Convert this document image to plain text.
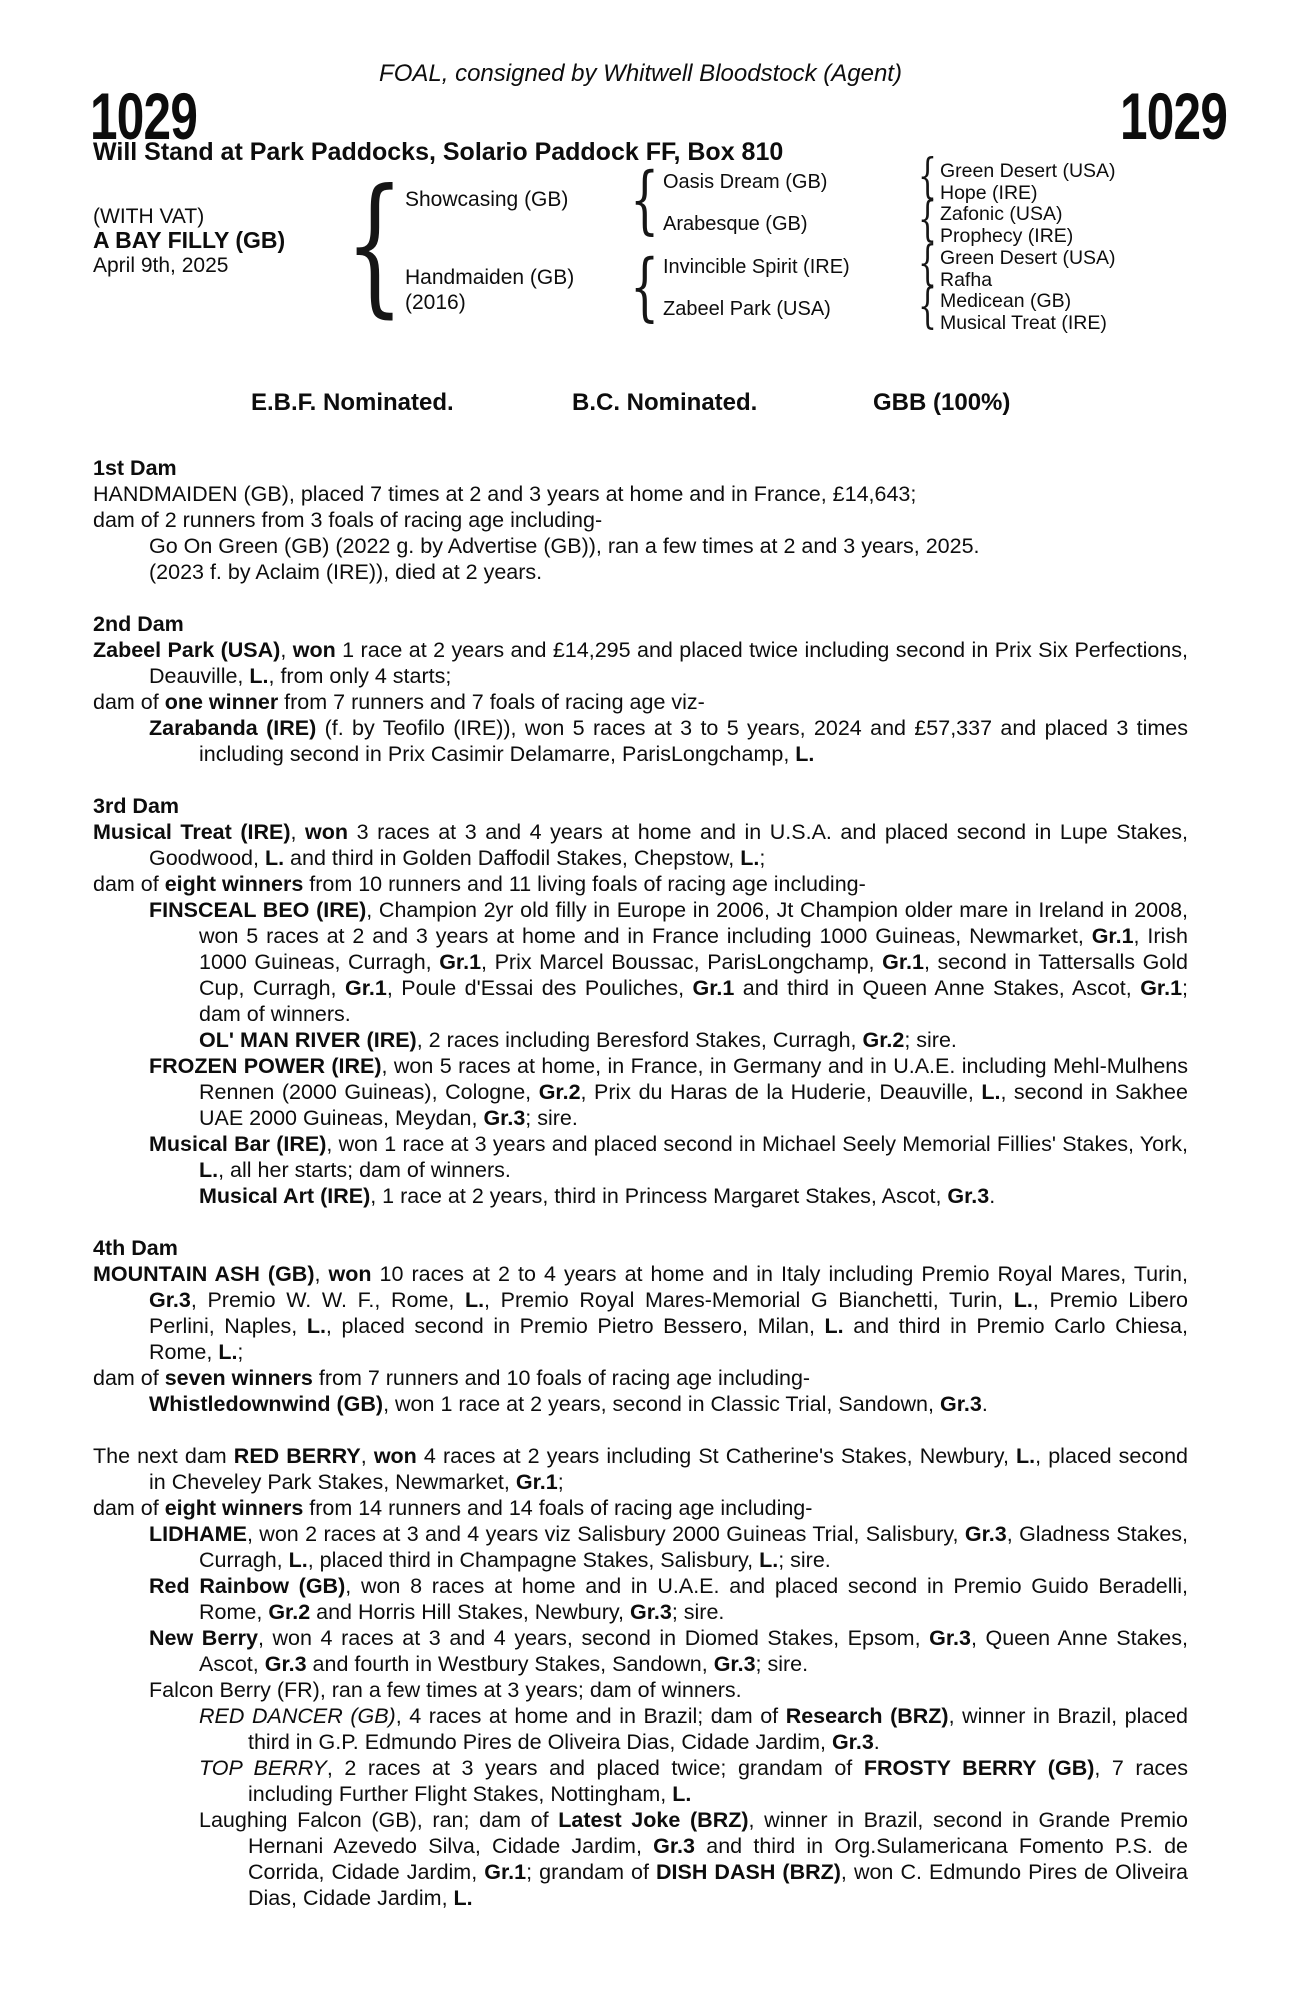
FOAL, consigned by Whitwell Bloodstock (Agent)
1029	1029
Will Stand at Park Paddocks, Solario Paddock FF, Box 810
(WITH VAT)
A BAY FILLY (GB)
April 9th, 2025
{
{
{
{
{
{
{
Showcasing (GB)
Handmaiden (GB)
(2016)
Oasis Dream (GB)
Arabesque (GB)
Invincible Spirit (IRE)
Zabeel Park (USA)
Green Desert (USA)
Hope (IRE)
Zafonic (USA)
Prophecy (IRE)
Green Desert (USA)
Rafha
Medicean (GB)
Musical Treat (IRE)
E.B.F. Nominated.	B.C. Nominated.	GBB (100%)
1st Dam
HANDMAIDEN (GB), placed 7 times at 2 and 3 years at home and in France, £14,643;
dam of 2 runners from 3 foals of racing age including-
Go On Green (GB) (2022 g. by Advertise (GB)), ran a few times at 2 and 3 years, 2025.
(2023 f. by Aclaim (IRE)), died at 2 years.
2nd Dam
Zabeel Park (USA), won 1 race at 2 years and £14,295 and placed twice including second in Prix Six Perfections, Deauville, L., from only 4 starts;
dam of one winner from 7 runners and 7 foals of racing age viz-
Zarabanda (IRE) (f. by Teofilo (IRE)), won 5 races at 3 to 5 years, 2024 and £57,337 and placed 3 times including second in Prix Casimir Delamarre, ParisLongchamp, L.
3rd Dam
Musical Treat (IRE), won 3 races at 3 and 4 years at home and in U.S.A. and placed second in Lupe Stakes, Goodwood, L. and third in Golden Daffodil Stakes, Chepstow, L.;
dam of eight winners from 10 runners and 11 living foals of racing age including-
FINSCEAL BEO (IRE), Champion 2yr old filly in Europe in 2006, Jt Champion older mare in Ireland in 2008, won 5 races at 2 and 3 years at home and in France including 1000 Guineas, Newmarket, Gr.1, Irish 1000 Guineas, Curragh, Gr.1, Prix Marcel Boussac, ParisLongchamp, Gr.1, second in Tattersalls Gold Cup, Curragh, Gr.1, Poule d'Essai des Pouliches, Gr.1 and third in Queen Anne Stakes, Ascot, Gr.1; dam of winners.
OL' MAN RIVER (IRE), 2 races including Beresford Stakes, Curragh, Gr.2; sire.
FROZEN POWER (IRE), won 5 races at home, in France, in Germany and in U.A.E. including Mehl-Mulhens Rennen (2000 Guineas), Cologne, Gr.2, Prix du Haras de la Huderie, Deauville, L., second in Sakhee UAE 2000 Guineas, Meydan, Gr.3; sire.
Musical Bar (IRE), won 1 race at 3 years and placed second in Michael Seely Memorial Fillies' Stakes, York, L., all her starts; dam of winners.
Musical Art (IRE), 1 race at 2 years, third in Princess Margaret Stakes, Ascot, Gr.3.
4th Dam
MOUNTAIN ASH (GB), won 10 races at 2 to 4 years at home and in Italy including Premio Royal Mares, Turin, Gr.3, Premio W. W. F., Rome, L., Premio Royal Mares-Memorial G Bianchetti, Turin, L., Premio Libero Perlini, Naples, L., placed second in Premio Pietro Bessero, Milan, L. and third in Premio Carlo Chiesa, Rome, L.;
dam of seven winners from 7 runners and 10 foals of racing age including-
Whistledownwind (GB), won 1 race at 2 years, second in Classic Trial, Sandown, Gr.3.
The next dam RED BERRY, won 4 races at 2 years including St Catherine's Stakes, Newbury, L., placed second in Cheveley Park Stakes, Newmarket, Gr.1;
dam of eight winners from 14 runners and 14 foals of racing age including-
LIDHAME, won 2 races at 3 and 4 years viz Salisbury 2000 Guineas Trial, Salisbury, Gr.3, Gladness Stakes, Curragh, L., placed third in Champagne Stakes, Salisbury, L.; sire.
Red Rainbow (GB), won 8 races at home and in U.A.E. and placed second in Premio Guido Beradelli, Rome, Gr.2 and Horris Hill Stakes, Newbury, Gr.3; sire.
New Berry, won 4 races at 3 and 4 years, second in Diomed Stakes, Epsom, Gr.3, Queen Anne Stakes, Ascot, Gr.3 and fourth in Westbury Stakes, Sandown, Gr.3; sire.
Falcon Berry (FR), ran a few times at 3 years; dam of winners.
RED DANCER (GB), 4 races at home and in Brazil; dam of Research (BRZ), winner in Brazil, placed third in G.P. Edmundo Pires de Oliveira Dias, Cidade Jardim, Gr.3.
TOP BERRY, 2 races at 3 years and placed twice; grandam of FROSTY BERRY (GB), 7 races including Further Flight Stakes, Nottingham, L.
Laughing Falcon (GB), ran; dam of Latest Joke (BRZ), winner in Brazil, second in Grande Premio Hernani Azevedo Silva, Cidade Jardim, Gr.3 and third in Org.Sulamericana Fomento P.S. de Corrida, Cidade Jardim, Gr.1; grandam of DISH DASH (BRZ), won C. Edmundo Pires de Oliveira Dias, Cidade Jardim, L.
